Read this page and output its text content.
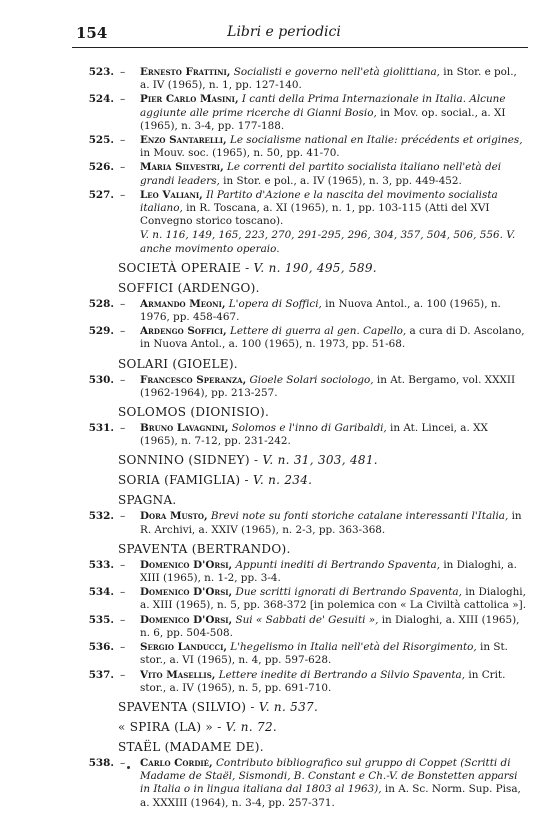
154	Libri e periodici
523. – Ernesto Frattini, Socialisti e governo nell'età giolittiana, in Stor. e pol., a. IV (1965), n. 1, pp. 127-140.
524. – Pier Carlo Masini, I canti della Prima Internazionale in Italia. Alcune aggiunte alle prime ricerche di Gianni Bosio, in Mov. op. social., a. XI (1965), n. 3-4, pp. 177-188.
525. – Enzo Santarelli, Le socialisme national en Italie: précédents et origines, in Mouv. soc. (1965), n. 50, pp. 41-70.
526. – Maria Silvestri, Le correnti del partito socialista italiano nell'età dei grandi leaders, in Stor. e pol., a. IV (1965), n. 3, pp. 449-452.
527. – Leo Valiani, Il Partito d'Azione e la nascita del movimento socialista italiano, in R. Toscana, a. XI (1965), n. 1, pp. 103-115 (Atti del XVI Convegno storico toscano).
V. n. 116, 149, 165, 223, 270, 291-295, 296, 304, 357, 504, 506, 556. V. anche movimento operaio.
SOCIETÀ OPERAIE - V. n. 190, 495, 589.
SOFFICI (ARDENGO).
528. – Armando Meoni, L'opera di Soffici, in Nuova Antol., a. 100 (1965), n. 1976, pp. 458-467.
529. – Ardengo Soffici, Lettere di guerra al gen. Capello, a cura di D. Ascolano, in Nuova Antol., a. 100 (1965), n. 1973, pp. 51-68.
SOLARI (GIOELE).
530. – Francesco Speranza, Gioele Solari sociologo, in At. Bergamo, vol. XXXII (1962-1964), pp. 213-257.
SOLOMOS (DIONISIO).
531. – Bruno Lavagnini, Solomos e l'inno di Garibaldi, in At. Lincei, a. XX (1965), n. 7-12, pp. 231-242.
SONNINO (SIDNEY) - V. n. 31, 303, 481.
SORIA (FAMIGLIA) - V. n. 234.
SPAGNA.
532. – Dora Musto, Brevi note su fonti storiche catalane interessanti l'Italia, in R. Archivi, a. XXIV (1965), n. 2-3, pp. 363-368.
SPAVENTA (BERTRANDO).
533. – Domenico D'Orsi, Appunti inediti di Bertrando Spaventa, in Dialoghi, a. XIII (1965), n. 1-2, pp. 3-4.
534. – Domenico D'Orsi, Due scritti ignorati di Bertrando Spaventa, in Dialoghi, a. XIII (1965), n. 5, pp. 368-372 [in polemica con « La Civiltà cattolica »].
535. – Domenico D'Orsi, Sui « Sabbati de' Gesuiti », in Dialoghi, a. XIII (1965), n. 6, pp. 504-508.
536. – Sergio Landucci, L'hegelismo in Italia nell'età del Risorgimento, in St. stor., a. VI (1965), n. 4, pp. 597-628.
537. – Vito Masellis, Lettere inedite di Bertrando a Silvio Spaventa, in Crit. stor., a. IV (1965), n. 5, pp. 691-710.
SPAVENTA (SILVIO) - V. n. 537.
« SPIRA (LA) » - V. n. 72.
STAËL (MADAME DE).
538. – Carlo Cordié, Contributo bibliografico sul gruppo di Coppet (Scritti di Madame de Staël, Sismondi, B. Constant e Ch.-V. de Bonstetten apparsi in Italia o in lingua italiana dal 1803 al 1963), in A. Sc. Norm. Sup. Pisa, a. XXXIII (1964), n. 3-4, pp. 257-371.
